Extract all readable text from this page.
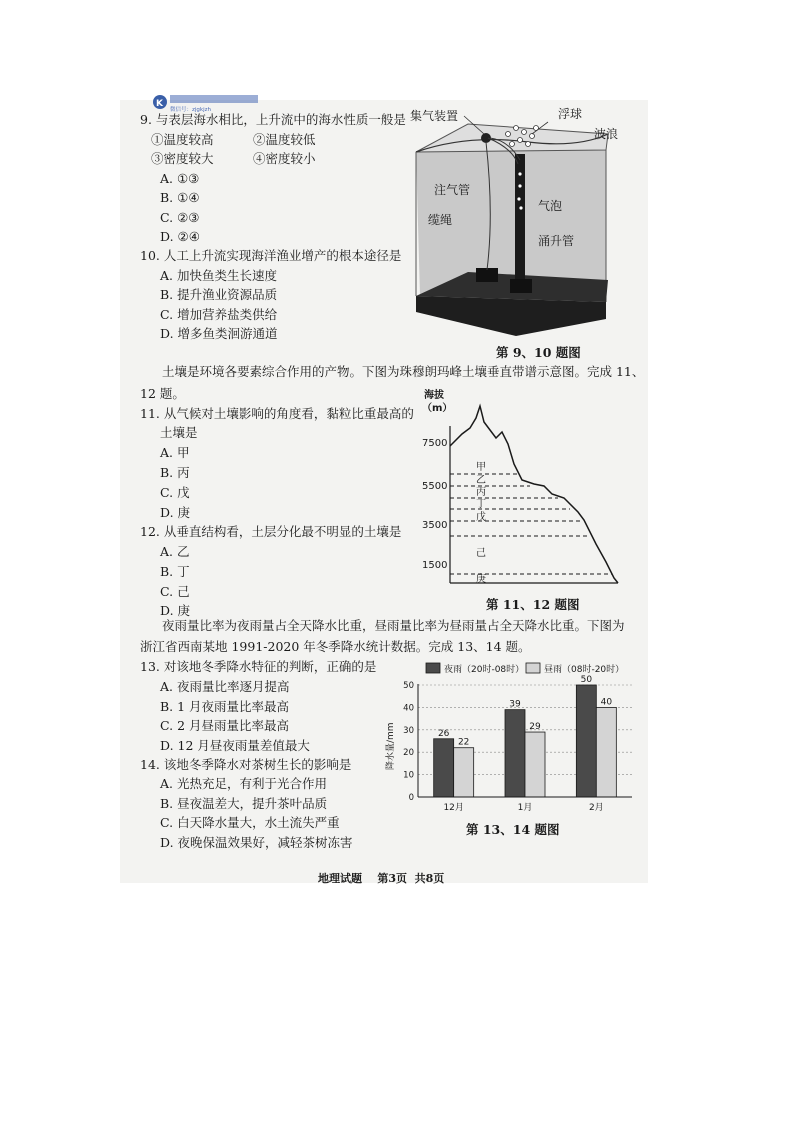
K
微信号：zjgkjzh
9. 与表层海水相比，上升流中的海水性质一般是
①温度较高	②温度较低
③密度较大	④密度较小
A. ①③
B. ①④
C. ②③
D. ②④
10. 人工上升流实现海洋渔业增产的根本途径是
A. 加快鱼类生长速度
B. 提升渔业资源品质
C. 增加营养盐类供给
D. 增多鱼类洄游通道
集气装置	浮球
波浪
注气管
气泡
缆绳
涌升管
第 9、10 题图
土壤是环境各要素综合作用的产物。下图为珠穆朗玛峰土壤垂直带谱示意图。完成 11、
12 题。
11. 从气候对土壤影响的角度看，黏粒比重最高的
土壤是
A. 甲
B. 丙
C. 戊
D. 庚
12. 从垂直结构看，土层分化最不明显的土壤是
A. 乙
B. 丁
C. 己
D. 庚
海拔
（m）
7500
5500
3500
1500
甲
乙
丙
丁
戊
己
庚
第 11、12 题图
夜雨量比率为夜雨量占全天降水比重，昼雨量比率为昼雨量占全天降水比重。下图为
浙江省西南某地 1991-2020 年冬季降水统计数据。完成 13、14 题。
13. 对该地冬季降水特征的判断，正确的是
A. 夜雨量比率逐月提高
B. 1 月夜雨量比率最高
C. 2 月昼雨量比率最高
D. 12 月昼夜雨量差值最大
14. 该地冬季降水对茶树生长的影响是
A. 光热充足，有利于光合作用
B. 昼夜温差大，提升茶叶品质
C. 白天降水量大，水土流失严重
D. 夜晚保温效果好，减轻茶树冻害
夜雨（20时-08时） 昼雨（08时-20时）
降水量/mm
0
10
20
30
40
50
26
22
39
29
50
40
12月	1月	2月
第 13、14 题图
地理试题    第3页  共8页
